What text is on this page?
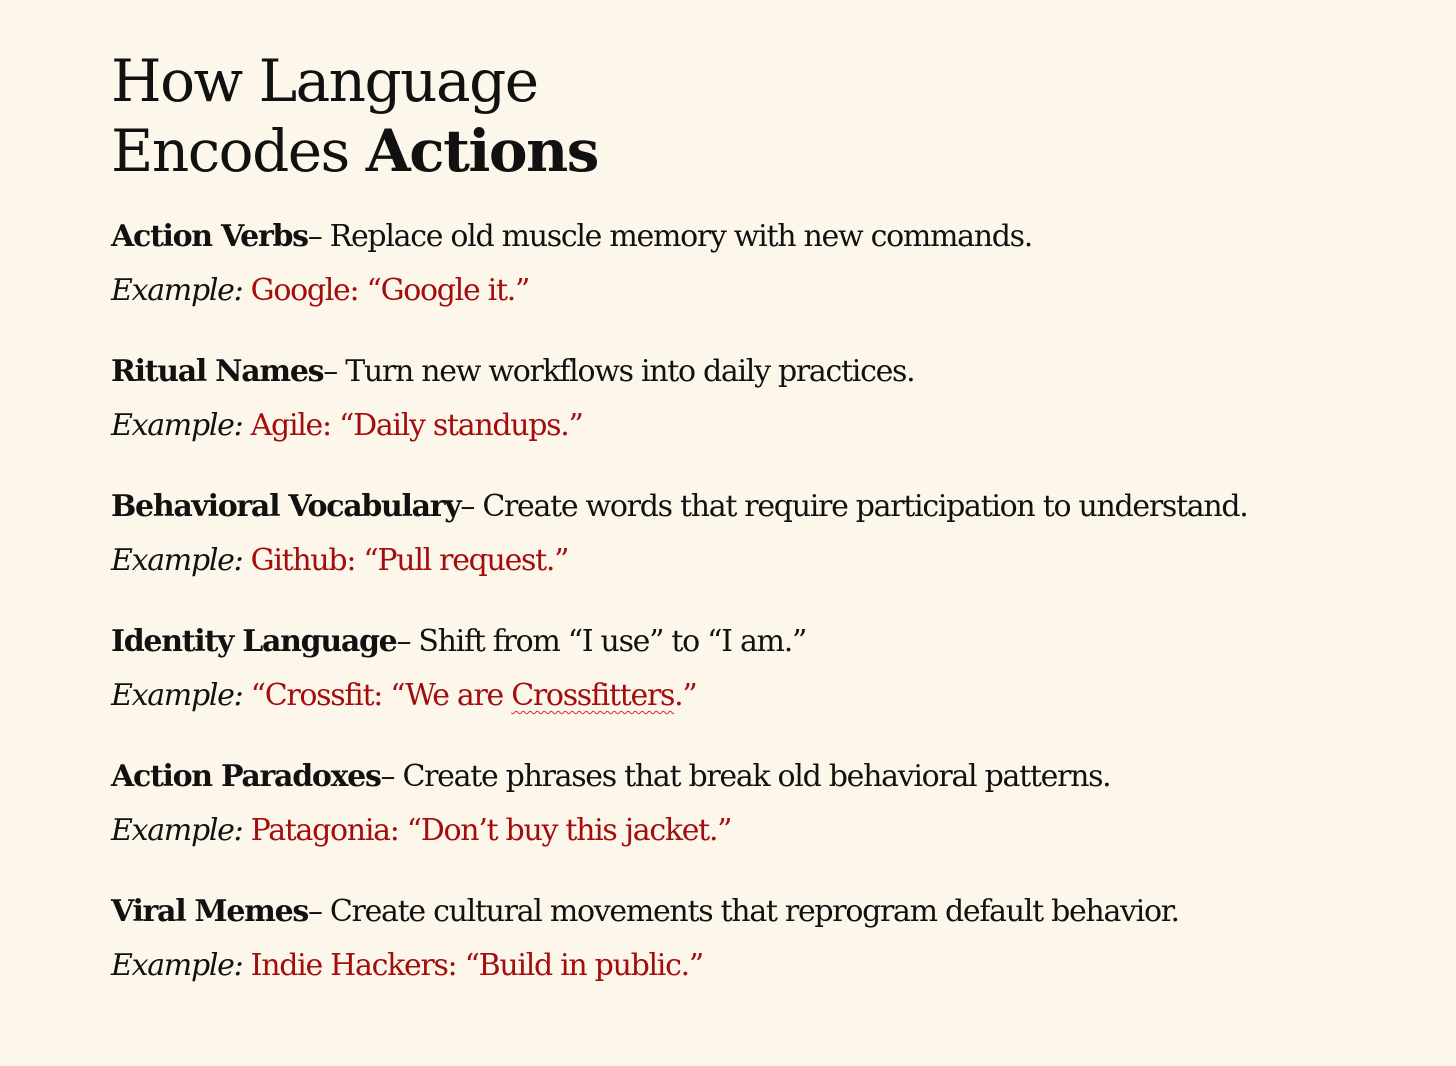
How Language
Encodes Actions

Action Verbs– Replace old muscle memory with new commands.

Example: Google: “Google it.”

Ritual Names– Turn new workflows into daily practices.

Example: Agile: “Daily standups.”

Behavioral Vocabulary– Create words that require participation to understand.

Example: Github: “Pull request.”

Identity Language– Shift from “I use” to “I am.”

Example: “Crossfit: “We are Crossfitters.”

Action Paradoxes– Create phrases that break old behavioral patterns.

Example: Patagonia: “Don’t buy this jacket.”

Viral Memes– Create cultural movements that reprogram default behavior.

Example: Indie Hackers: “Build in public.”
